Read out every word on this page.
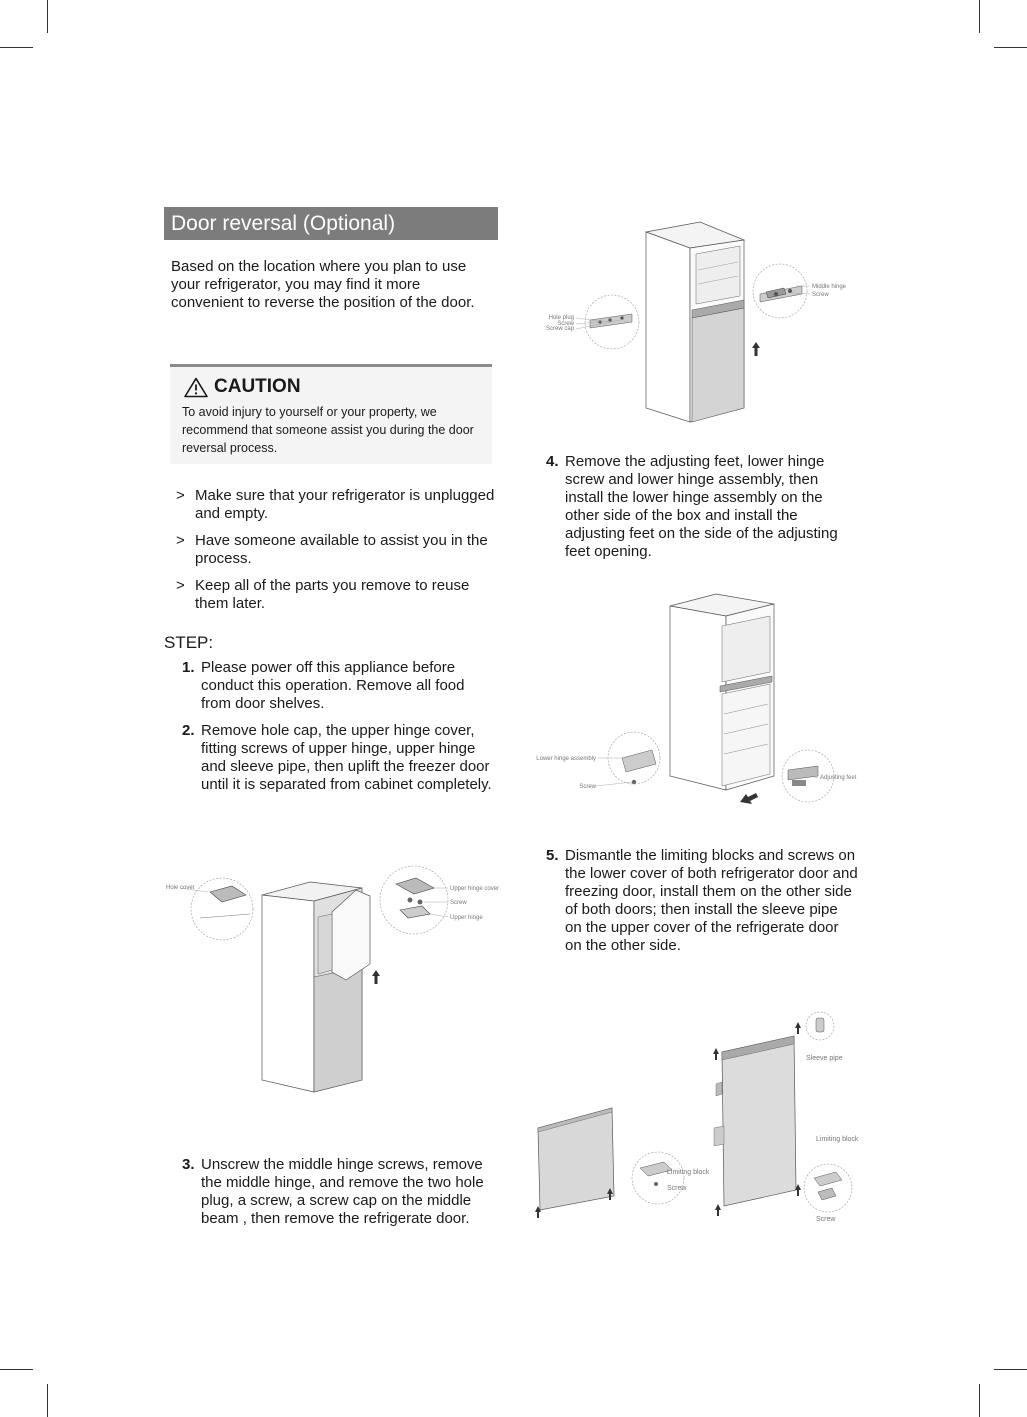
Door reversal (Optional)
Based on the location where you plan to use your refrigerator, you may find it more convenient to reverse the position of the door.
CAUTION
To avoid injury to yourself or your property, we recommend that someone assist you during the door reversal process.
> Make sure that your refrigerator is unplugged and empty.
> Have someone available to assist you in the process.
> Keep all of the parts you remove to reuse them later.
STEP:
1. Please power off this appliance before conduct this operation. Remove all food from door shelves.
2. Remove hole cap, the upper hinge cover, fitting screws of upper hinge, upper hinge and sleeve pipe, then uplift the freezer door until it is separated from cabinet completely.
3. Unscrew the middle hinge screws, remove the middle hinge, and remove the two hole plug, a screw, a screw cap on the middle beam , then remove the refrigerate door.
Hole cover	Upper hinge cover
Screw
Upper hinge
Hole plug
Screw
Screw cap
Middle hinge
Screw
4. Remove the adjusting feet, lower hinge screw and lower hinge assembly, then install the lower hinge assembly on the other side of the box and install the adjusting feet on the side of the adjusting feet opening.
Lower hinge assembly
Screw
Adjusting feet
5. Dismantle the limiting blocks and screws on the lower cover of both refrigerator door and freezing door, install them on the other side of both doors; then install the sleeve pipe on the upper cover of the refrigerate door on the other side.
Limiting block
Screw
Sleeve pipe
Limiting block
Screw
